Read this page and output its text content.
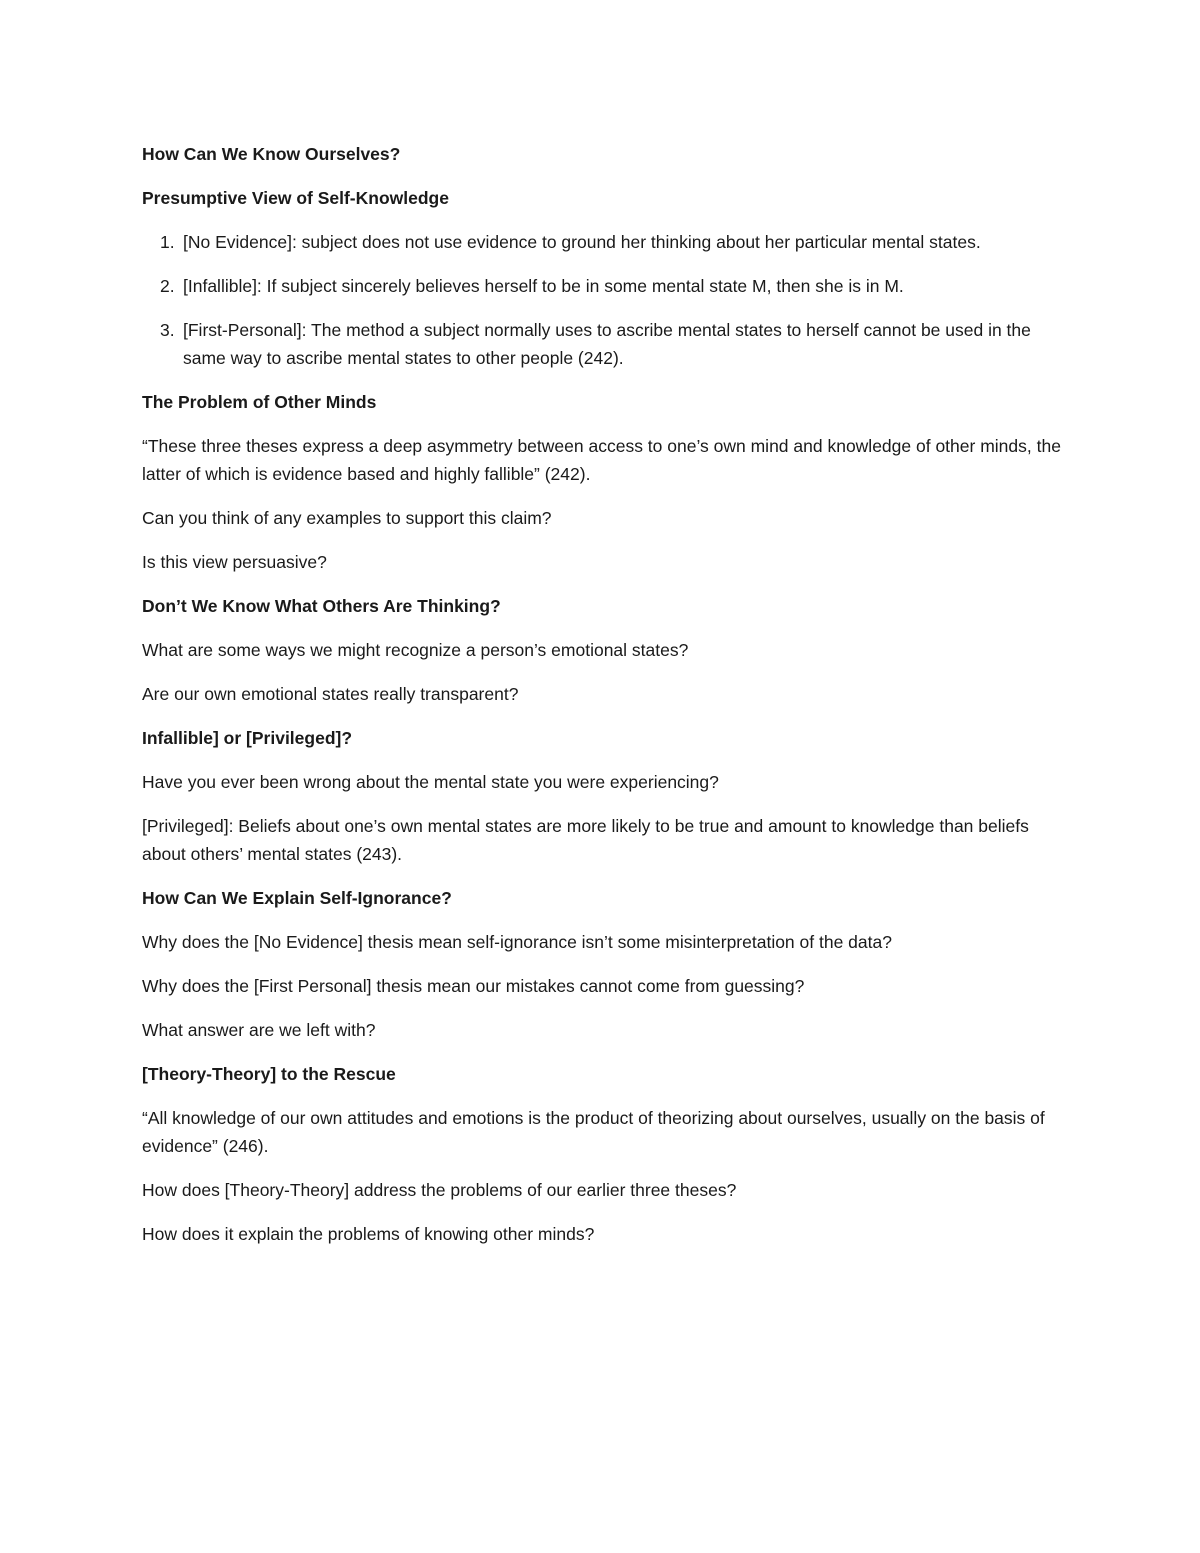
How Can We Know Ourselves?

Presumptive View of Self-Knowledge

1. [No Evidence]: subject does not use evidence to ground her thinking about her particular mental states.
2. [Infallible]: If subject sincerely believes herself to be in some mental state M, then she is in M.
3. [First-Personal]: The method a subject normally uses to ascribe mental states to herself cannot be used in the same way to ascribe mental states to other people (242).

The Problem of Other Minds

“These three theses express a deep asymmetry between access to one’s own mind and knowledge of other minds, the latter of which is evidence based and highly fallible” (242).

Can you think of any examples to support this claim?

Is this view persuasive?

Don’t We Know What Others Are Thinking?

What are some ways we might recognize a person’s emotional states?

Are our own emotional states really transparent?

Infallible] or [Privileged]?

Have you ever been wrong about the mental state you were experiencing?

[Privileged]: Beliefs about one’s own mental states are more likely to be true and amount to knowledge than beliefs about others’ mental states (243).

How Can We Explain Self-Ignorance?

Why does the [No Evidence] thesis mean self-ignorance isn’t some misinterpretation of the data?

Why does the [First Personal] thesis mean our mistakes cannot come from guessing?

What answer are we left with?

[Theory-Theory] to the Rescue

“All knowledge of our own attitudes and emotions is the product of theorizing about ourselves, usually on the basis of evidence” (246).

How does [Theory-Theory] address the problems of our earlier three theses?

How does it explain the problems of knowing other minds?
